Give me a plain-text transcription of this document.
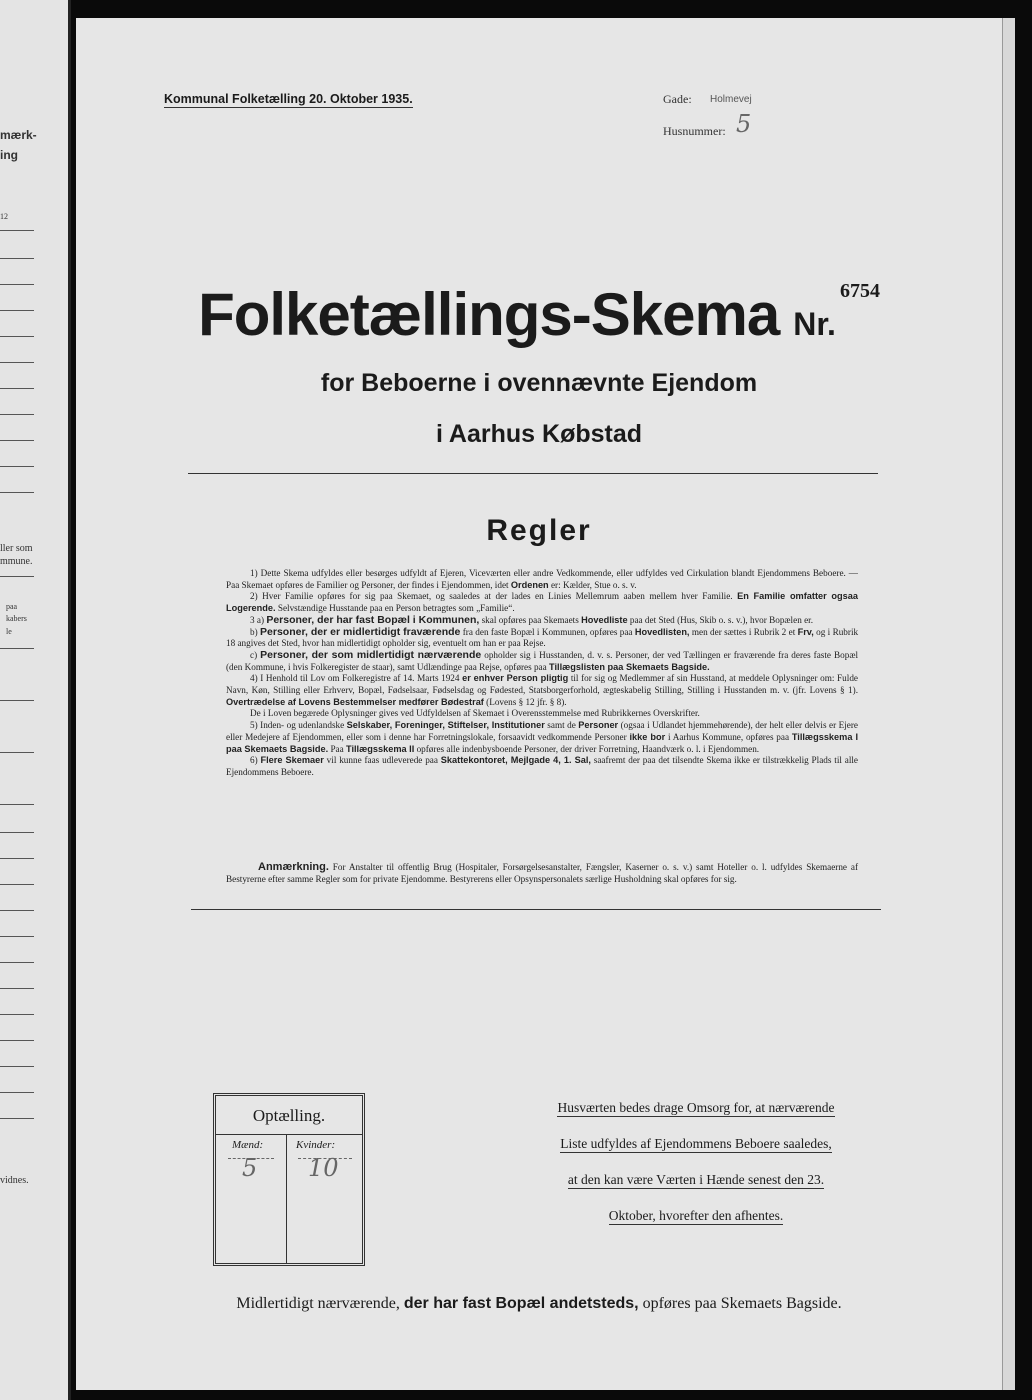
mærk-
ing
12
ller som
mmune.
paa
kabers
le
vidnes.
Kommunal Folketælling 20. Oktober 1935.	Gade: Holmevej
Husnummer: 5
Folketællings-Skema Nr.6754
for Beboerne i ovennævnte Ejendom
i Aarhus Købstad
Regler

1) Dette Skema udfyldes eller besørges udfyldt af Ejeren, Viceværten eller andre Vedkommende, eller udfyldes ved Cirkulation blandt Ejendommens Beboere. — Paa Skemaet opføres de Familier og Personer, der findes i Ejendommen, idet Ordenen er: Kælder, Stue o. s. v.

2) Hver Familie opføres for sig paa Skemaet, og saaledes at der lades en Linies Mellemrum aaben mellem hver Familie. En Familie omfatter ogsaa Logerende. Selvstændige Husstande paa en Person betragtes som „Familie“.

3 a) Personer, der har fast Bopæl i Kommunen, skal opføres paa Skemaets Hovedliste paa det Sted (Hus, Skib o. s. v.), hvor Bopælen er.

b) Personer, der er midlertidigt fraværende fra den faste Bopæl i Kommunen, opføres paa Hovedlisten, men der sættes i Rubrik 2 et Frv, og i Rubrik 18 angives det Sted, hvor han midlertidigt opholder sig, eventuelt om han er paa Rejse.

c) Personer, der som midlertidigt nærværende opholder sig i Husstanden, d. v. s. Personer, der ved Tællingen er fraværende fra deres faste Bopæl (den Kommune, i hvis Folkeregister de staar), samt Udlændinge paa Rejse, opføres paa Tillægslisten paa Skemaets Bagside.

4) I Henhold til Lov om Folkeregistre af 14. Marts 1924 er enhver Person pligtig til for sig og Medlemmer af sin Husstand, at meddele Oplysninger om: Fulde Navn, Køn, Stilling eller Erhverv, Bopæl, Fødselsaar, Fødselsdag og Fødested, Statsborgerforhold, ægteskabelig Stilling, Stilling i Husstanden m. v. (jfr. Lovens § 1). Overtrædelse af Lovens Bestemmelser medfører Bødestraf (Lovens § 12 jfr. § 8).

De i Loven begærede Oplysninger gives ved Udfyldelsen af Skemaet i Overensstemmelse med Rubrikkernes Overskrifter.

5) Inden- og udenlandske Selskaber, Foreninger, Stiftelser, Institutioner samt de Personer (ogsaa i Udlandet hjemmehørende), der helt eller delvis er Ejere eller Medejere af Ejendommen, eller som i denne har Forretningslokale, forsaavidt vedkommende Personer ikke bor i Aarhus Kommune, opføres paa Tillægsskema I paa Skemaets Bagside. Paa Tillægsskema II opføres alle indenbysboende Personer, der driver Forretning, Haandværk o. l. i Ejendommen.

6) Flere Skemaer vil kunne faas udleverede paa Skattekontoret, Mejlgade 4, 1. Sal, saafremt der paa det tilsendte Skema ikke er tilstrækkelig Plads til alle Ejendommens Beboere.

Anmærkning. For Anstalter til offentlig Brug (Hospitaler, Forsørgelsesanstalter, Fængsler, Kaserner o. s. v.) samt Hoteller o. l. udfyldes Skemaerne af Bestyrerne efter samme Regler som for private Ejendomme. Bestyrerens eller Opsynspersonalets særlige Husholdning skal opføres for sig.
Optælling.
Mænd:	Kvinder:
5 10
Husværten bedes drage Omsorg for, at nærværende
Liste udfyldes af Ejendommens Beboere saaledes,
at den kan være Værten i Hænde senest den 23.
Oktober, hvorefter den afhentes.
Midlertidigt nærværende, der har fast Bopæl andetsteds, opføres paa Skemaets Bagside.
